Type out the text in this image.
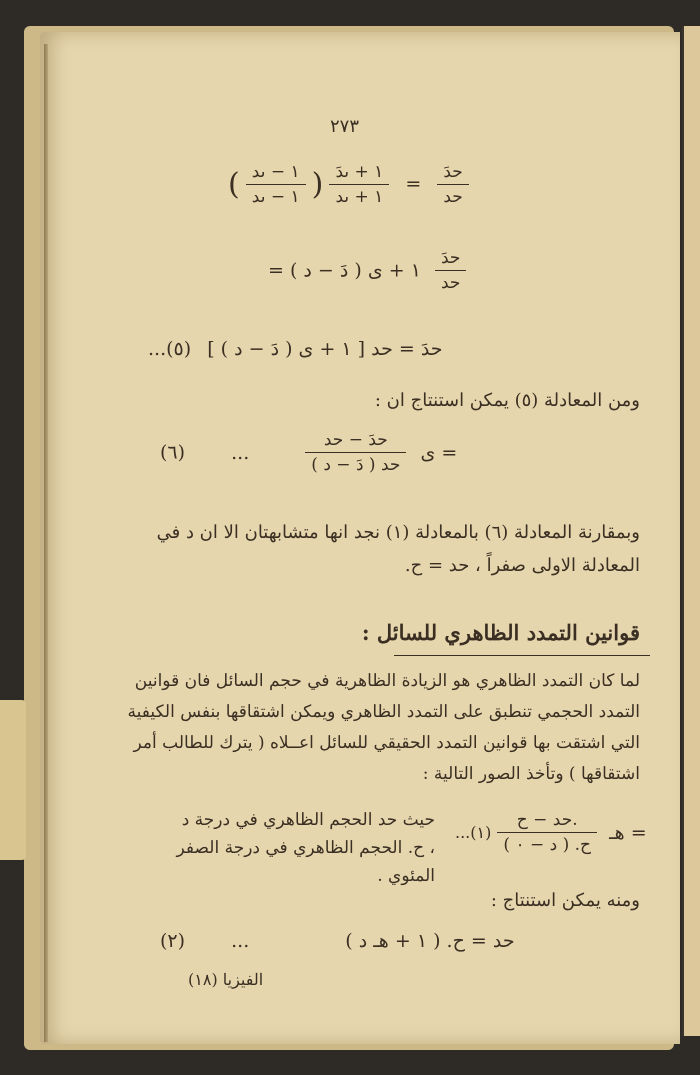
٢٧٣
( $\frac{\text{١ − ىد}}{\text{١ − ىد}}$ ) $\frac{\text{١ + ىدَ}}{\text{١ + ىد}} = \frac{\text{حدَ}}{\text{حد}}$
= ١ + ى ( دَ − د ) $\frac{\text{حدَ}}{\text{حد}}$
...(٥) حدَ = حد [ ١ + ى ( دَ − د ) ]
ومن المعادلة (٥) يمكن استنتاج ان :
(٦) ...	$\frac{\text{حدَ − حد}}{\text{حد ( دَ − د )}}$ ى =
وبمقارنة المعادلة (٦) بالمعادلة (١) نجد انها متشابهتان الا ان د في المعادلة الاولى صفراً ، حد = ح.
قوانين التمدد الظاهري للسائل :
لما كان التمدد الظاهري هو الزيادة الظاهرية في حجم السائل فان قوانين التمدد الحجمي تنطبق على التمدد الظاهري ويمكن اشتقاقها بنفس الكيفية التي اشتقت بها قوانين التمدد الحقيقي للسائل اعــلاه ( يترك للطالب أمر اشتقاقها ) وتأخذ الصور التالية :
...(١) $\frac{\text{حد − ح.}}{\text{ح. ( د − ٠ )}}$ هـ =
حيث حد الحجم الظاهري في درجة د ، ح. الحجم الظاهري في درجة الصفر المئوي .
ومنه يمكن استنتاج :
(٢) ...	حد = ح. ( ١ + هـ د )
الفيزيا (١٨)
